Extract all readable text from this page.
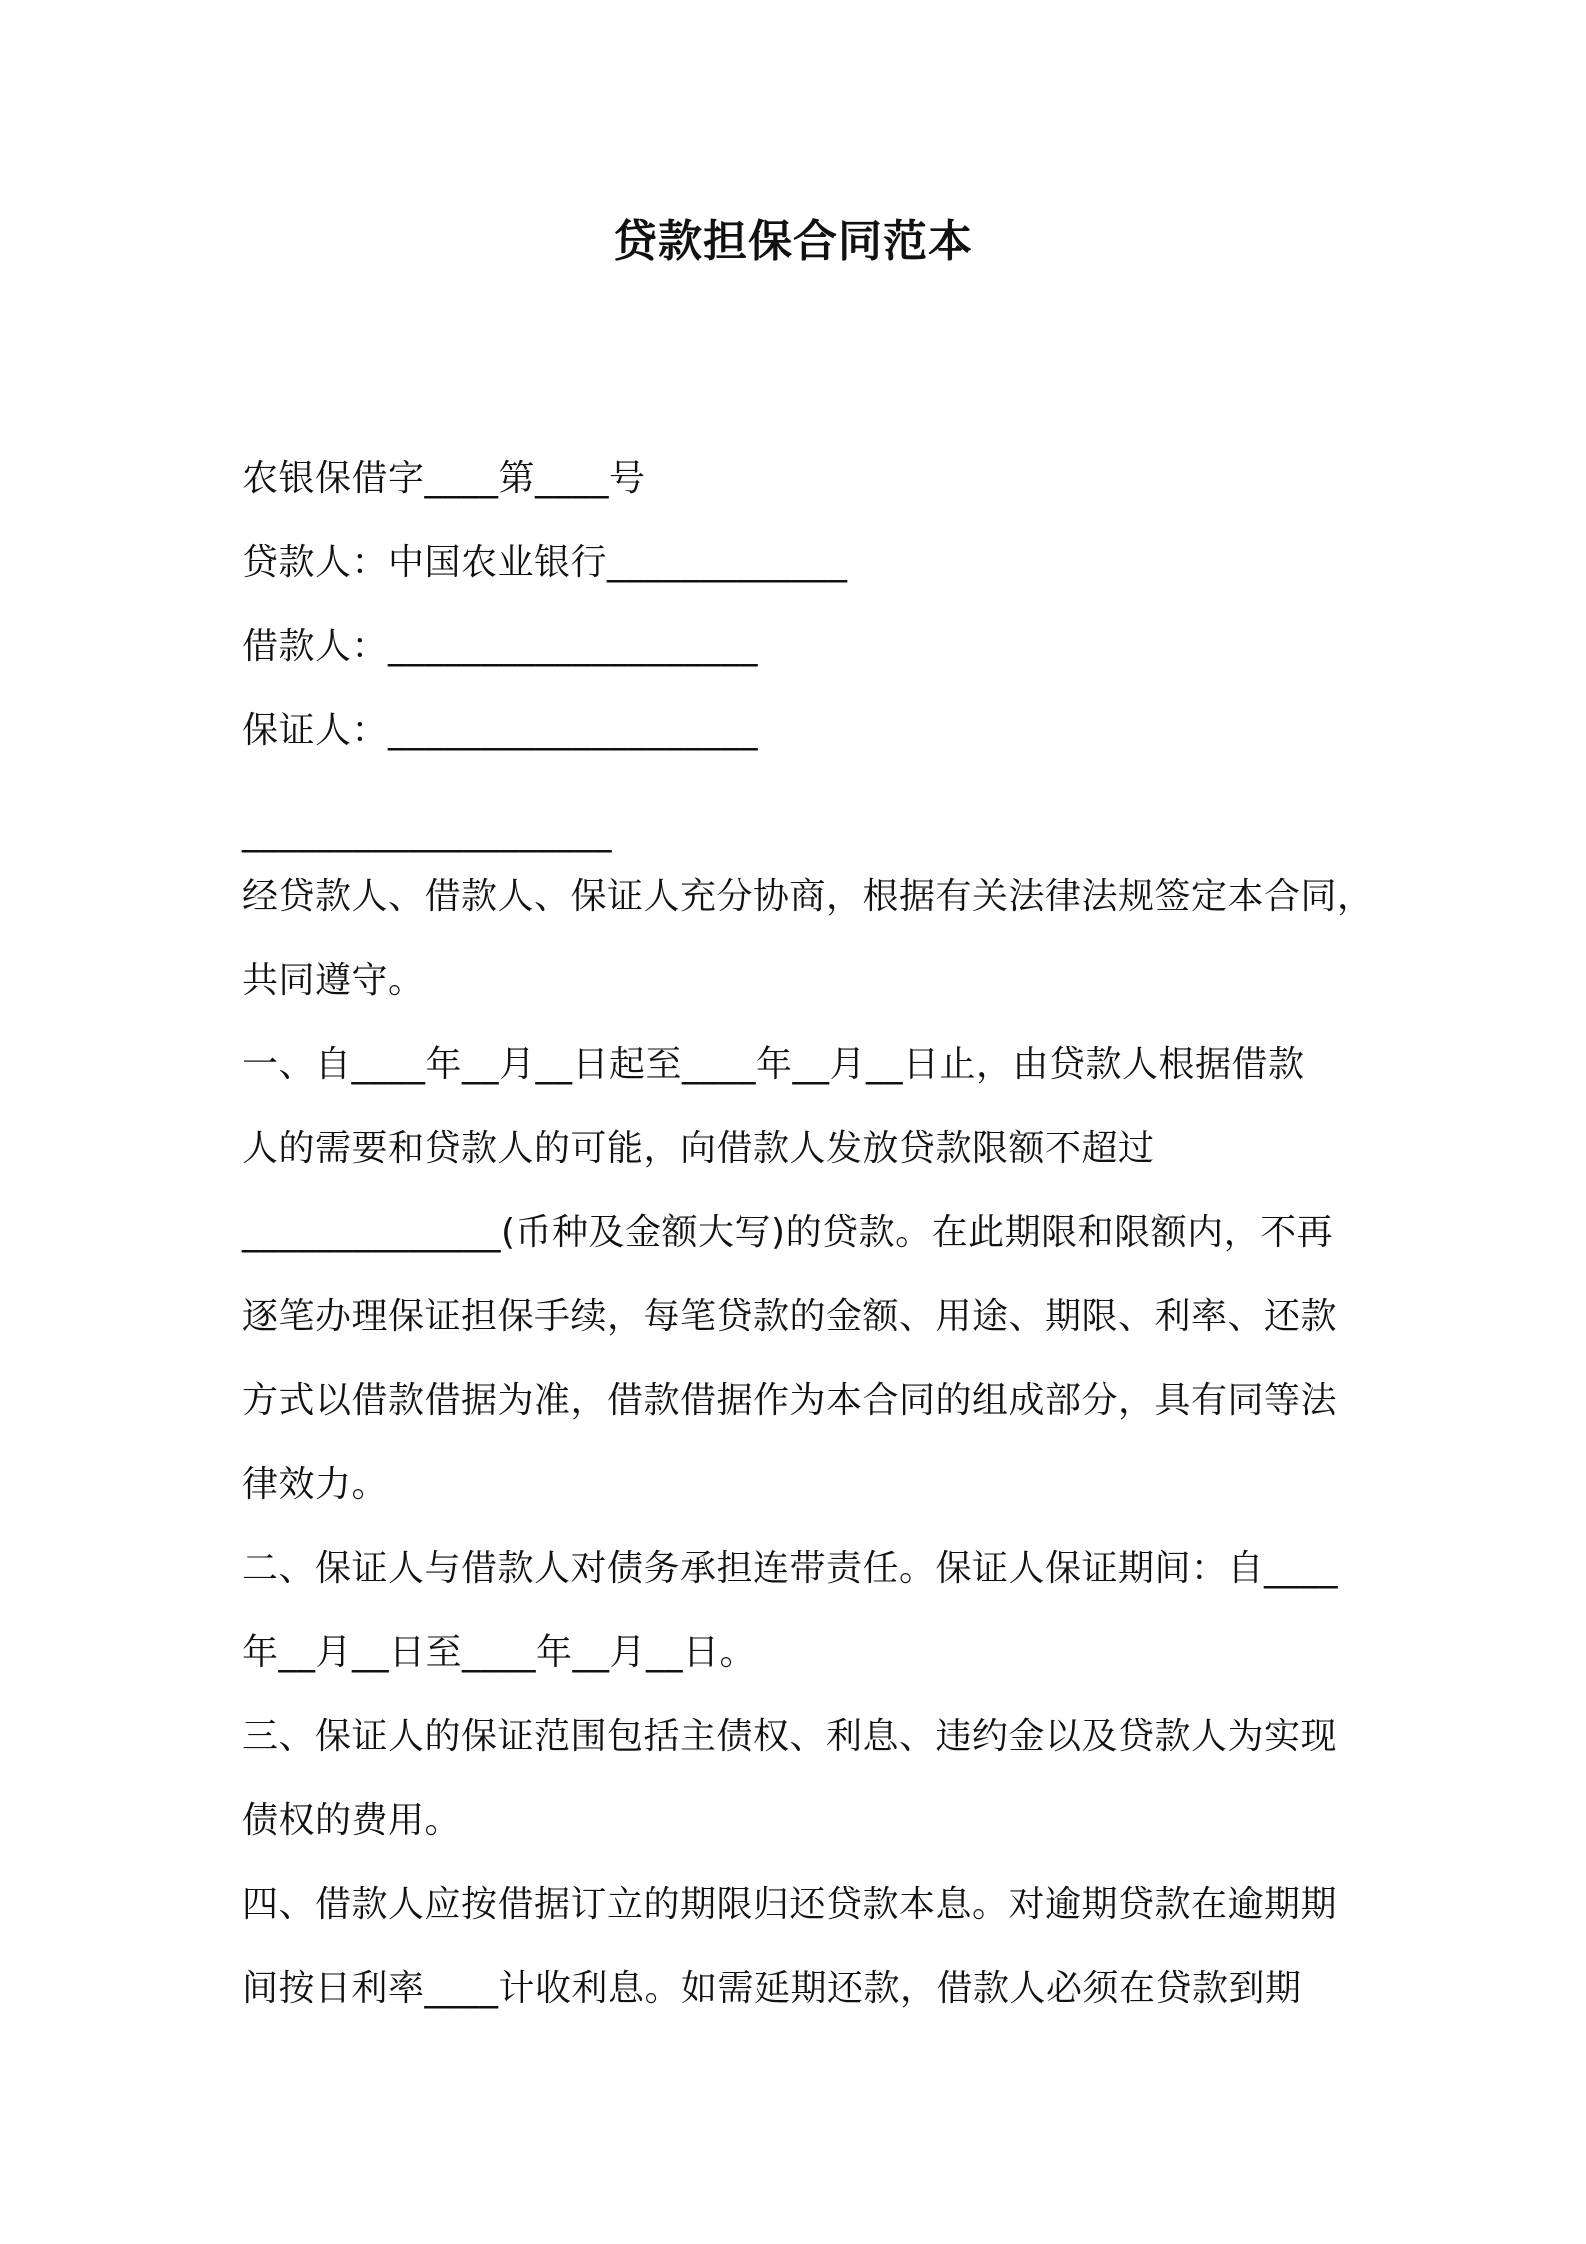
贷款担保合同范本
农银保借字____第____号
贷款人：中国农业银行_____________
借款人：____________________
保证人：____________________
____________________
经贷款人、借款人、保证人充分协商，根据有关法律法规签定本合同，
共同遵守。
一、自____年__月__日起至____年__月__日止，由贷款人根据借款
人的需要和贷款人的可能，向借款人发放贷款限额不超过
______________(币种及金额大写)的贷款。在此期限和限额内，不再
逐笔办理保证担保手续，每笔贷款的金额、用途、期限、利率、还款
方式以借款借据为准，借款借据作为本合同的组成部分，具有同等法
律效力。
二、保证人与借款人对债务承担连带责任。保证人保证期间：自____
年__月__日至____年__月__日。
三、保证人的保证范围包括主债权、利息、违约金以及贷款人为实现
债权的费用。
四、借款人应按借据订立的期限归还贷款本息。对逾期贷款在逾期期
间按日利率____计收利息。如需延期还款，借款人必须在贷款到期
